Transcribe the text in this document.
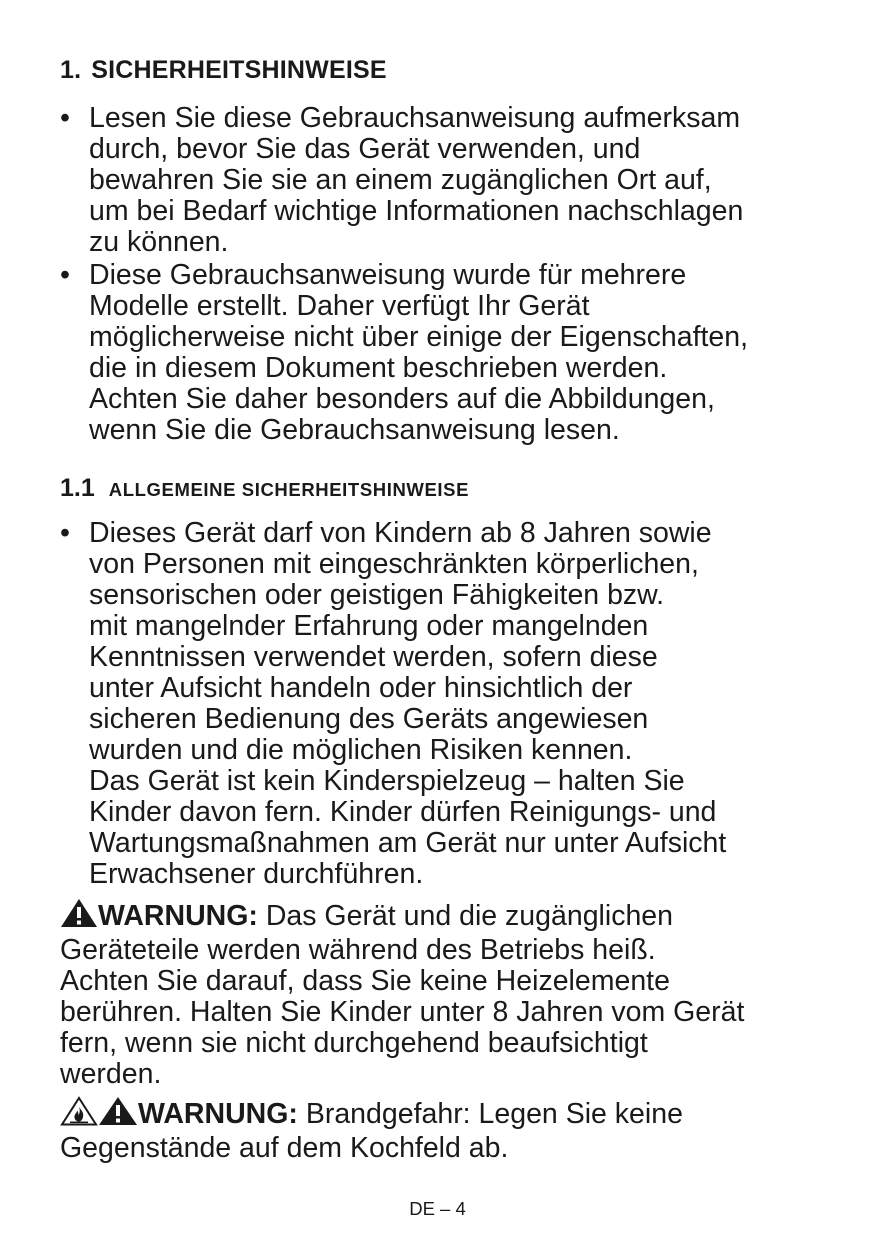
1. SICHERHEITSHINWEISE
• Lesen Sie diese Gebrauchsanweisung aufmerksam
durch, bevor Sie das Gerät verwenden, und
bewahren Sie sie an einem zugänglichen Ort auf,
um bei Bedarf wichtige Informationen nachschlagen
zu können.
• Diese Gebrauchsanweisung wurde für mehrere
Modelle erstellt. Daher verfügt Ihr Gerät
möglicherweise nicht über einige der Eigenschaften,
die in diesem Dokument beschrieben werden.
Achten Sie daher besonders auf die Abbildungen,
wenn Sie die Gebrauchsanweisung lesen.
1.1 ALLGEMEINE SICHERHEITSHINWEISE
• Dieses Gerät darf von Kindern ab 8 Jahren sowie
von Personen mit eingeschränkten körperlichen,
sensorischen oder geistigen Fähigkeiten bzw.
mit mangelnder Erfahrung oder mangelnden
Kenntnissen verwendet werden, sofern diese
unter Aufsicht handeln oder hinsichtlich der
sicheren Bedienung des Geräts angewiesen
wurden und die möglichen Risiken kennen.
Das Gerät ist kein Kinderspielzeug – halten Sie
Kinder davon fern. Kinder dürfen Reinigungs- und
Wartungsmaßnahmen am Gerät nur unter Aufsicht
Erwachsener durchführen.
WARNUNG: Das Gerät und die zugänglichen
Geräteteile werden während des Betriebs heiß.
Achten Sie darauf, dass Sie keine Heizelemente
berühren. Halten Sie Kinder unter 8 Jahren vom Gerät
fern, wenn sie nicht durchgehend beaufsichtigt
werden.
WARNUNG: Brandgefahr: Legen Sie keine
Gegenstände auf dem Kochfeld ab.
DE – 4
